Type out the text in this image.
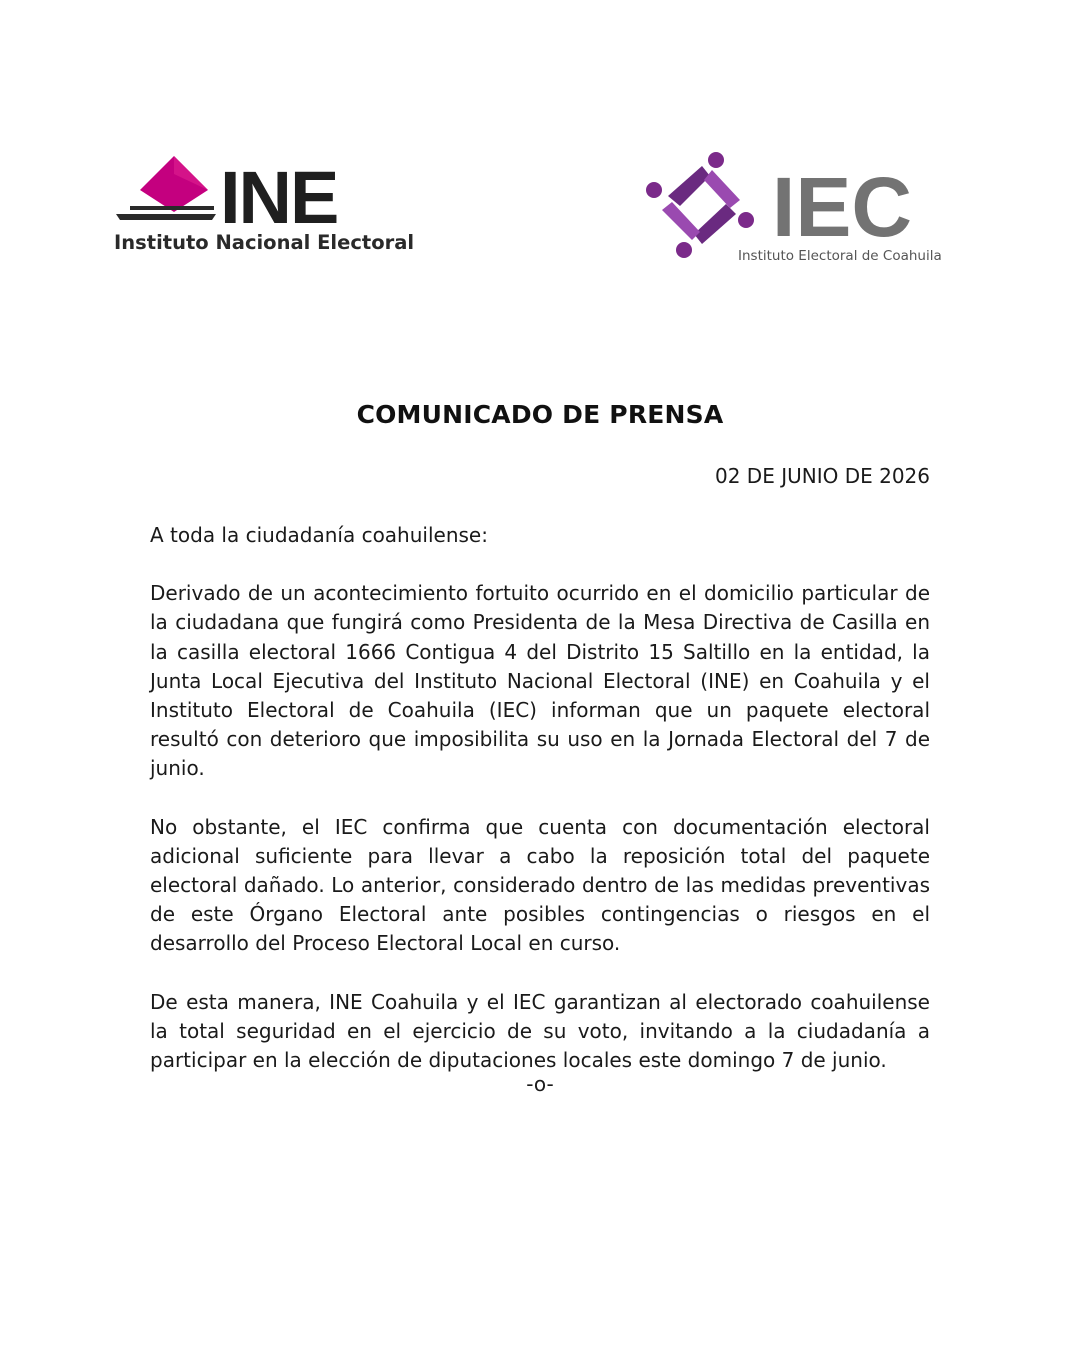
INE
Instituto Nacional Electoral	IEC
Instituto Electoral de Coahuila
COMUNICADO DE PRENSA
02 DE JUNIO DE 2026

A toda la ciudadanía coahuilense:

Derivado de un acontecimiento fortuito ocurrido en el domicilio particular de la ciudadana que fungirá como Presidenta de la Mesa Directiva de Casilla en la casilla electoral 1666 Contigua 4 del Distrito 15 Saltillo en la entidad, la Junta Local Ejecutiva del Instituto Nacional Electoral (INE) en Coahuila y el Instituto Electoral de Coahuila (IEC) informan que un paquete electoral resultó con deterioro que imposibilita su uso en la Jornada Electoral del 7 de junio.

No obstante, el IEC confirma que cuenta con documentación electoral adicional suficiente para llevar a cabo la reposición total del paquete electoral dañado. Lo anterior, considerado dentro de las medidas preventivas de este Órgano Electoral ante posibles contingencias o riesgos en el desarrollo del Proceso Electoral Local en curso.

De esta manera, INE Coahuila y el IEC garantizan al electorado coahuilense la total seguridad en el ejercicio de su voto, invitando a la ciudadanía a participar en la elección de diputaciones locales este domingo 7 de junio.

-o-
